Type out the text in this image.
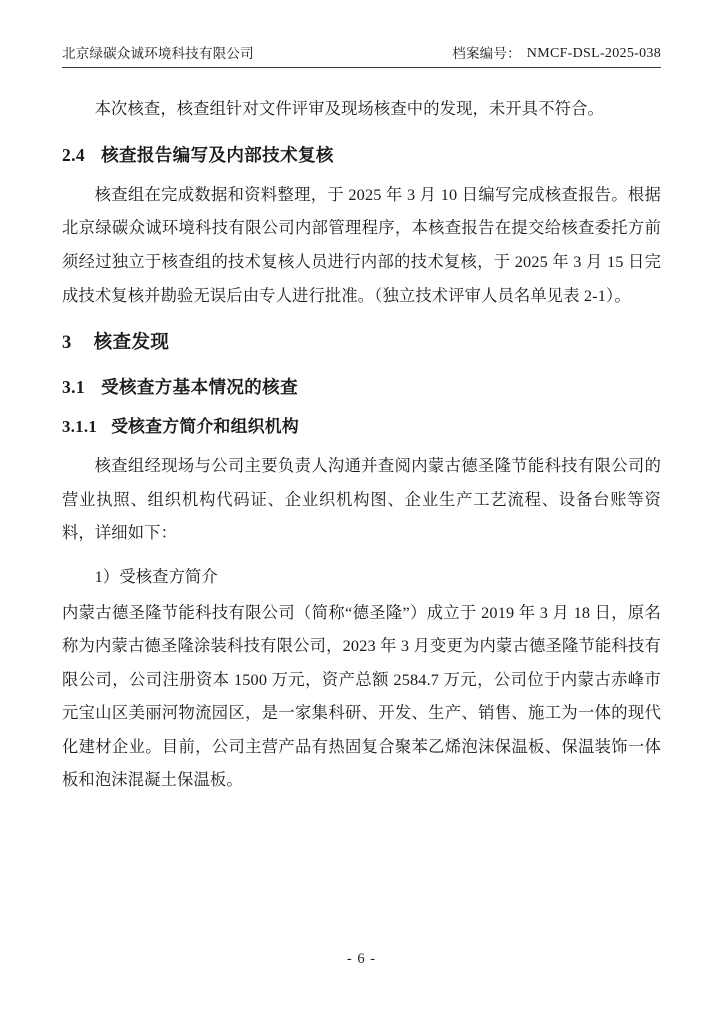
北京绿碳众诚环境科技有限公司	档案编号： NMCF-DSL-2025-038

本次核查，核查组针对文件评审及现场核查中的发现，未开具不符合。

2.4 核查报告编写及内部技术复核

核查组在完成数据和资料整理，于 2025 年 3 月 10 日编写完成核查报告。根据北京绿碳众诚环境科技有限公司内部管理程序，本核查报告在提交给核查委托方前须经过独立于核查组的技术复核人员进行内部的技术复核，于 2025 年 3 月 15 日完成技术复核并勘验无误后由专人进行批准。（独立技术评审人员名单见表 2-1）。

3 核查发现
3.1 受核查方基本情况的核查
3.1.1 受核查方简介和组织机构

核查组经现场与公司主要负责人沟通并查阅内蒙古德圣隆节能科技有限公司的营业执照、组织机构代码证、企业织机构图、企业生产工艺流程、设备台账等资料，详细如下：

1）受核查方简介

内蒙古德圣隆节能科技有限公司（简称“德圣隆”）成立于 2019 年 3 月 18 日，原名称为内蒙古德圣隆涂装科技有限公司，2023 年 3 月变更为内蒙古德圣隆节能科技有限公司，公司注册资本 1500 万元，资产总额 2584.7 万元，公司位于内蒙古赤峰市元宝山区美丽河物流园区，是一家集科研、开发、生产、销售、施工为一体的现代化建材企业。目前，公司主营产品有热固复合聚苯乙烯泡沫保温板、保温装饰一体板和泡沫混凝土保温板。

- 6 -
